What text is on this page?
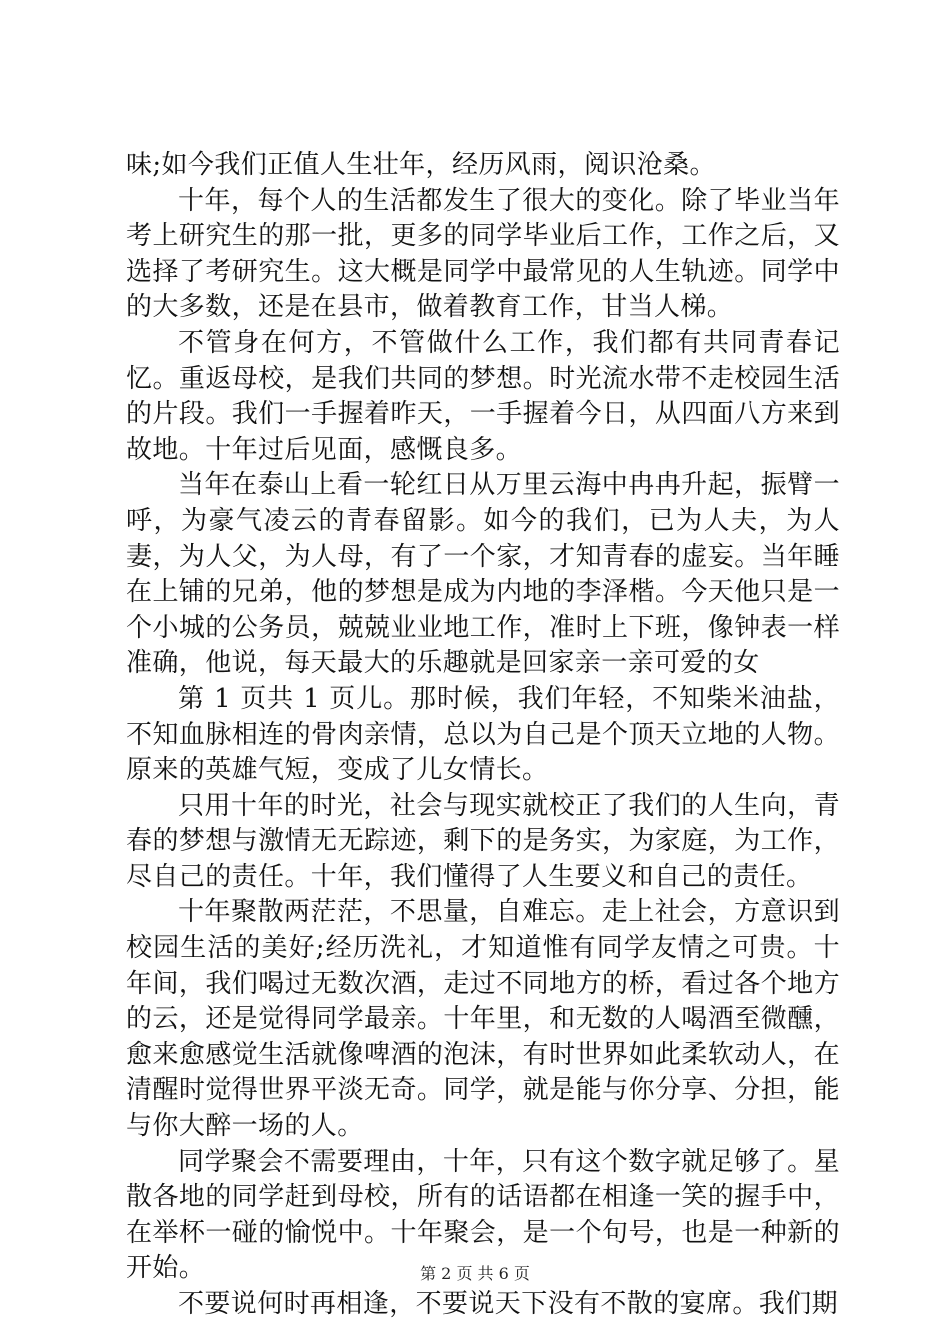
味;如今我们正值人生壮年，经历风雨，阅识沧桑。

十年，每个人的生活都发生了很大的变化。除了毕业当年考上研究生的那一批，更多的同学毕业后工作，工作之后，又选择了考研究生。这大概是同学中最常见的人生轨迹。同学中的大多数，还是在县市，做着教育工作，甘当人梯。

不管身在何方，不管做什么工作，我们都有共同青春记忆。重返母校，是我们共同的梦想。时光流水带不走校园生活的片段。我们一手握着昨天，一手握着今日，从四面八方来到故地。十年过后见面，感慨良多。

当年在泰山上看一轮红日从万里云海中冉冉升起，振臂一呼，为豪气凌云的青春留影。如今的我们，已为人夫，为人妻，为人父，为人母，有了一个家，才知青春的虚妄。当年睡在上铺的兄弟，他的梦想是成为内地的李泽楷。今天他只是一个小城的公务员，兢兢业业地工作，准时上下班，像钟表一样准确，他说，每天最大的乐趣就是回家亲一亲可爱的女

第 1 页共 1 页儿。那时候，我们年轻，不知柴米油盐，不知血脉相连的骨肉亲情，总以为自己是个顶天立地的人物。原来的英雄气短，变成了儿女情长。

只用十年的时光，社会与现实就校正了我们的人生向，青春的梦想与激情无无踪迹，剩下的是务实，为家庭，为工作，尽自己的责任。十年，我们懂得了人生要义和自己的责任。

十年聚散两茫茫，不思量，自难忘。走上社会，方意识到校园生活的美好;经历洗礼，才知道惟有同学友情之可贵。十年间，我们喝过无数次酒，走过不同地方的桥，看过各个地方的云，还是觉得同学最亲。十年里，和无数的人喝酒至微醺，愈来愈感觉生活就像啤酒的泡沫，有时世界如此柔软动人，在清醒时觉得世界平淡无奇。同学，就是能与你分享、分担，能与你大醉一场的人。

同学聚会不需要理由，十年，只有这个数字就足够了。星散各地的同学赶到母校，所有的话语都在相逢一笑的握手中，在举杯一碰的愉悦中。十年聚会，是一个句号，也是一种新的开始。

不要说何时再相逢，不要说天下没有不散的宴席。我们期

第 2 页 共 6 页
